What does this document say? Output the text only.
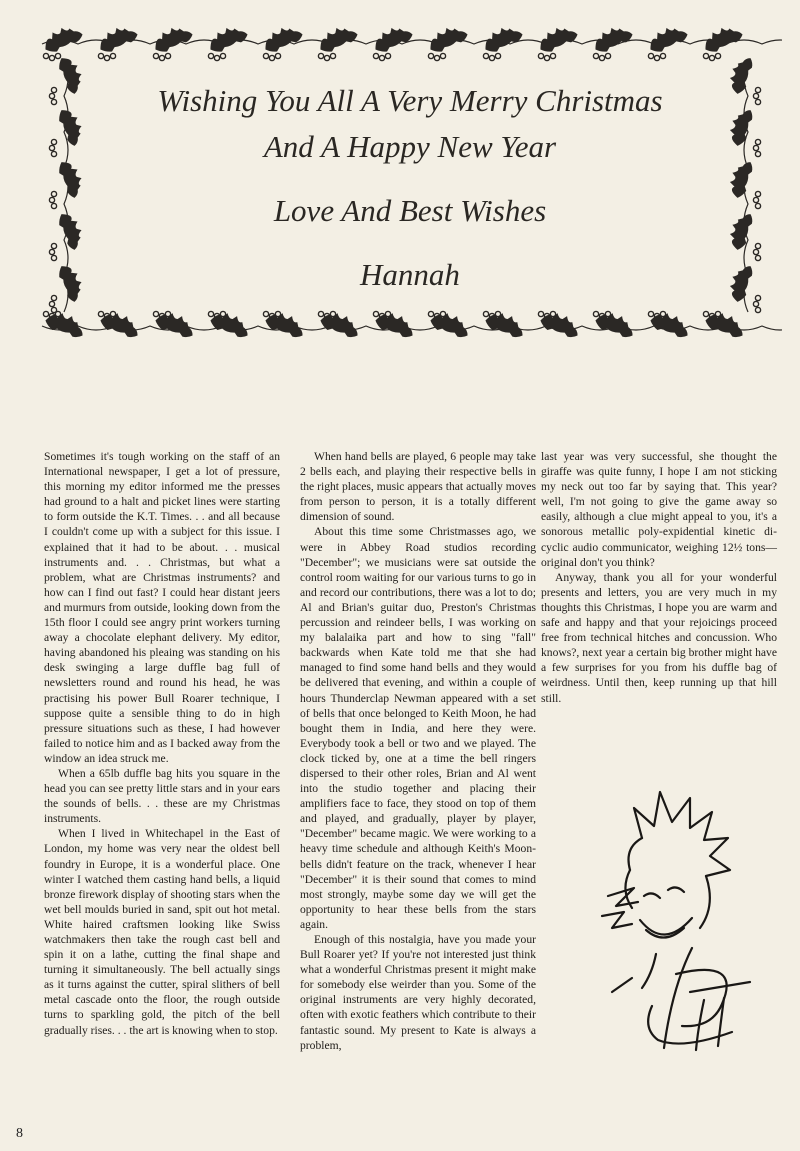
Wishing You All A Very Merry Christmas
And A Happy New Year
Love And Best Wishes
Hannah

Sometimes it's tough working on the staff of an International newspaper, I get a lot of pressure, this morning my editor informed me the presses had ground to a halt and picket lines were starting to form outside the K.T. Times. . . and all because I couldn't come up with a subject for this issue. I explained that it had to be about. . . musical instruments and. . . Christmas, but what a problem, what are Christmas instruments? and how can I find out fast? I could hear distant jeers and murmurs from outside, looking down from the 15th floor I could see angry print workers turning away a chocolate elephant delivery. My editor, having abandoned his pleaing was standing on his desk swinging a large duffle bag full of newsletters round and round his head, he was practising his power Bull Roarer technique, I suppose quite a sensible thing to do in high pressure situations such as these, I had however failed to notice him and as I backed away from the window an idea struck me.

When a 65lb duffle bag hits you square in the head you can see pretty little stars and in your ears the sounds of bells. . . these are my Christmas instruments.

When I lived in Whitechapel in the East of London, my home was very near the oldest bell foundry in Europe, it is a wonderful place. One winter I watched them casting hand bells, a liquid bronze firework display of shooting stars when the wet bell moulds buried in sand, spit out hot metal. White haired craftsmen looking like Swiss watchmakers then take the rough cast bell and spin it on a lathe, cutting the final shape and turning it simultaneously. The bell actually sings as it turns against the cutter, spiral slithers of bell metal cascade onto the floor, the rough outside turns to sparkling gold, the pitch of the bell gradually rises. . . the art is knowing when to stop.

When hand bells are played, 6 people may take 2 bells each, and playing their respective bells in the right places, music appears that actually moves from person to person, it is a totally different dimension of sound.

About this time some Christmasses ago, we were in Abbey Road studios recording "December"; we musicians were sat outside the control room waiting for our various turns to go in and record our contributions, there was a lot to do; Al and Brian's guitar duo, Preston's Christmas percussion and reindeer bells, I was working on my balalaika part and how to sing "fall" backwards when Kate told me that she had managed to find some hand bells and they would be delivered that evening, and within a couple of hours Thunderclap Newman appeared with a set of bells that once belonged to Keith Moon, he had bought them in India, and here they were. Everybody took a bell or two and we played. The clock ticked by, one at a time the bell ringers dispersed to their other roles, Brian and Al went into the studio together and placing their amplifiers face to face, they stood on top of them and played, and gradually, player by player, "December" became magic. We were working to a heavy time schedule and although Keith's Moon-bells didn't feature on the track, whenever I hear "December" it is their sound that comes to mind most strongly, maybe some day we will get the opportunity to hear these bells from the stars again.

Enough of this nostalgia, have you made your Bull Roarer yet? If you're not interested just think what a wonderful Christmas present it might make for somebody else weirder than you. Some of the original instruments are very highly decorated, often with exotic feathers which contribute to their fantastic sound. My present to Kate is always a problem,

last year was very successful, she thought the giraffe was quite funny, I hope I am not sticking my neck out too far by saying that. This year? well, I'm not going to give the game away so easily, although a clue might appeal to you, it's a sonorous metallic poly-expidential kinetic di-cyclic audio communicator, weighing 12½ tons—original don't you think?

Anyway, thank you all for your wonderful presents and letters, you are very much in my thoughts this Christmas, I hope you are warm and safe and happy and that your rejoicings proceed free from technical hitches and concussion. Who knows?, next year a certain big brother might have a few surprises for you from his duffle bag of weirdness. Until then, keep running up that hill still.

8
